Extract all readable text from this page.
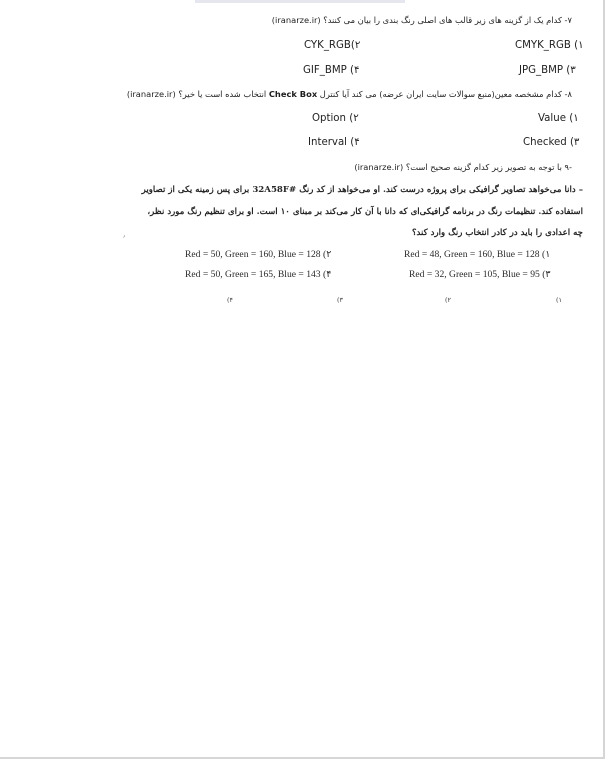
۷- کدام یک از گزینه های زیر قالب های اصلی رنگ بندی را بیان می کنند؟ (iranarze.ir)
CMYK_RGB (۱
CYK_RGB(۲
JPG_BMP (۳
GIF_BMP (۴
۸- کدام مشخصه معین(منبع سوالات سایت ایران عرضه) می کند آیا کنترل Check Box انتخاب شده است یا خیر؟ (iranarze.ir)
Value (۱
Option (۲
Checked (۳
Interval (۴
-۹ با توجه به تصویر زیر کدام گزینه صحیح است؟ (iranarze.ir)
– دانا می‌خواهد تصاویر گرافیکی برای پروژه درست کند. او می‌خواهد از کد رنگ #32A58F برای پس زمینه یکی از تصاویر
استفاده کند. تنظیمات رنگ در برنامه گرافیکی‌ای که دانا با آن کار می‌کند بر مبنای ۱۰ است. او برای تنظیم رنگ مورد نظر،
چه اعدادی را باید در کادر انتخاب رنگ وارد کند؟
٫
Red = 48, Green = 160, Blue = 128 (۱
Red = 50, Green = 160, Blue = 128 (۲
Red = 32, Green = 105, Blue = 95 (۳
Red = 50, Green = 165, Blue = 143 (۴
(۱
(۲
(۳
(۴
